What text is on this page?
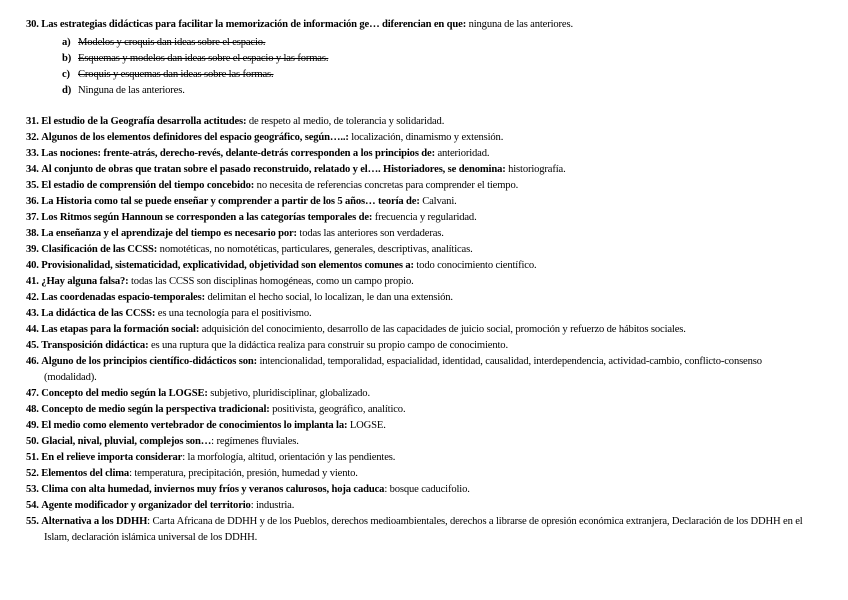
30. Las estrategias didácticas para facilitar la memorización de información ge… diferencian en que: ninguna de las anteriores.
a) Modelos y croquis dan ideas sobre el espacio.
b) Esquemas y modelos dan ideas sobre el espacio y las formas.
c) Croquis y esquemas dan ideas sobre las formas.
d) Ninguna de las anteriores.
31. El estudio de la Geografía desarrolla actitudes: de respeto al medio, de tolerancia y solidaridad.
32. Algunos de los elementos definidores del espacio geográfico, según…..: localización, dinamismo y extensión.
33. Las nociones: frente-atrás, derecho-revés, delante-detrás corresponden a los principios de: anterioridad.
34. Al conjunto de obras que tratan sobre el pasado reconstruido, relatado y el…. Historiadores, se denomina: historiografía.
35. El estadio de comprensión del tiempo concebido: no necesita de referencias concretas para comprender el tiempo.
36. La Historia como tal se puede enseñar y comprender a partir de los 5 años… teoría de: Calvani.
37. Los Ritmos según Hannoun se corresponden a las categorías temporales de: frecuencia y regularidad.
38. La enseñanza y el aprendizaje del tiempo es necesario por: todas las anteriores son verdaderas.
39. Clasificación de las CCSS: nomotéticas, no nomotéticas, particulares, generales, descriptivas, analíticas.
40. Provisionalidad, sistematicidad, explicatividad, objetividad son elementos comunes a: todo conocimiento científico.
41. ¿Hay alguna falsa?: todas las CCSS son disciplinas homogéneas, como un campo propio.
42. Las coordenadas espacio-temporales: delimitan el hecho social, lo localizan, le dan una extensión.
43. La didáctica de las CCSS: es una tecnología para el positivismo.
44. Las etapas para la formación social: adquisición del conocimiento, desarrollo de las capacidades de juicio social, promoción y refuerzo de hábitos sociales.
45. Transposición didáctica: es una ruptura que la didáctica realiza para construir su propio campo de conocimiento.
46. Alguno de los principios científico-didácticos son: intencionalidad, temporalidad, espacialidad, identidad, causalidad, interdependencia, actividad-cambio, conflicto-consenso (modalidad).
47. Concepto del medio según la LOGSE: subjetivo, pluridisciplinar, globalizado.
48. Concepto de medio según la perspectiva tradicional: positivista, geográfico, analítico.
49. El medio como elemento vertebrador de conocimientos lo implanta la: LOGSE.
50. Glacial, nival, pluvial, complejos son…: regímenes fluviales.
51. En el relieve importa considerar: la morfología, altitud, orientación y las pendientes.
52. Elementos del clima: temperatura, precipitación, presión, humedad y viento.
53. Clima con alta humedad, inviernos muy fríos y veranos calurosos, hoja caduca: bosque caducifolio.
54. Agente modificador y organizador del territorio: industria.
55. Alternativa a los DDHH: Carta Africana de DDHH y de los Pueblos, derechos medioambientales, derechos a librarse de opresión económica extranjera, Declaración de los DDHH en el Islam, declaración islámica universal de los DDHH.
